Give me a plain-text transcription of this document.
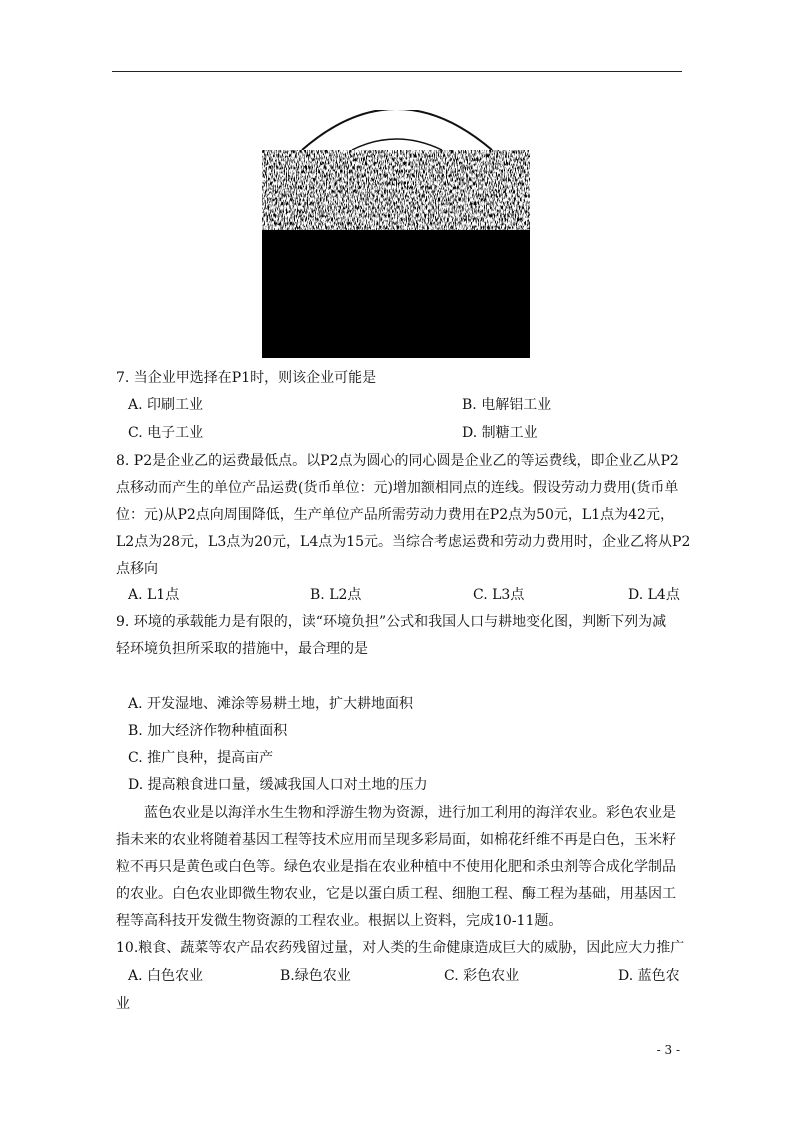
7. 当企业甲选择在P1时，则该企业可能是
A. 印刷工业	B. 电解铝工业
C. 电子工业	D. 制糖工业
8. P2是企业乙的运费最低点。以P2点为圆心的同心圆是企业乙的等运费线，即企业乙从P2
点移动而产生的单位产品运费(货币单位：元)增加额相同点的连线。假设劳动力费用(货币单
位：元)从P2点向周围降低，生产单位产品所需劳动力费用在P2点为50元，L1点为42元，
L2点为28元，L3点为20元，L4点为15元。当综合考虑运费和劳动力费用时，企业乙将从P2
点移向
A. L1点	B. L2点	C. L3点	D. L4点
9. 环境的承载能力是有限的，读“环境负担”公式和我国人口与耕地变化图，判断下列为减
轻环境负担所采取的措施中，最合理的是
A. 开发湿地、滩涂等易耕土地，扩大耕地面积
B. 加大经济作物种植面积
C. 推广良种，提高亩产
D. 提高粮食进口量，缓减我国人口对土地的压力
蓝色农业是以海洋水生生物和浮游生物为资源，进行加工利用的海洋农业。彩色农业是
指未来的农业将随着基因工程等技术应用而呈现多彩局面，如棉花纤维不再是白色，玉米籽
粒不再只是黄色或白色等。绿色农业是指在农业种植中不使用化肥和杀虫剂等合成化学制品
的农业。白色农业即微生物农业，它是以蛋白质工程、细胞工程、酶工程为基础，用基因工
程等高科技开发微生物资源的工程农业。根据以上资料，完成10-11题。
10.粮食、蔬菜等农产品农药残留过量，对人类的生命健康造成巨大的威胁，因此应大力推广
A. 白色农业	B.绿色农业	C. 彩色农业	D. 蓝色农
业
- 3 -
